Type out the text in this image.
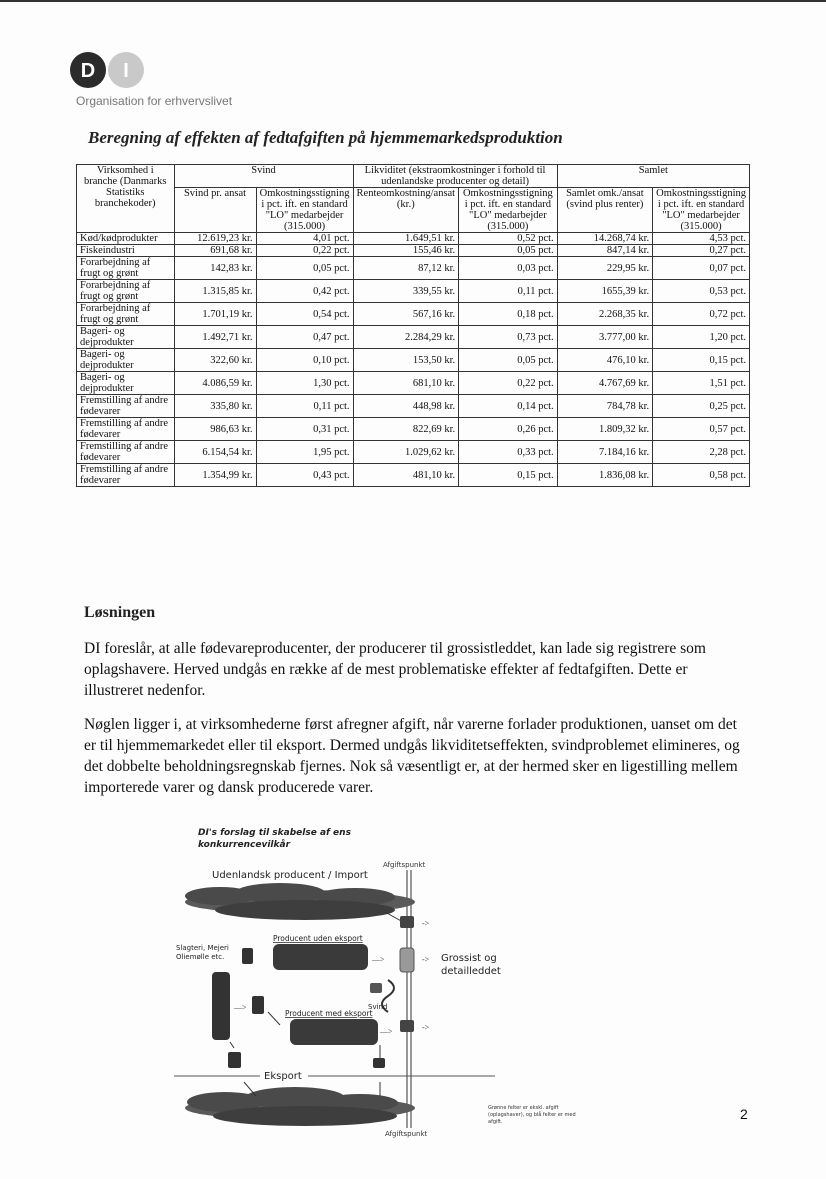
D I
Organisation for erhvervslivet
Beregning af effekten af fedtafgiften på hjemmemarkedsproduktion
Virksomhed i branche (Danmarks Statistiks branchekoder)	Svind		Likviditet (ekstraomkostninger i forhold til udenlandske producenter og detail)		Samlet	
	Svind pr. ansat	Omkostningsstigning i pct. ift. en standard "LO" medarbejder (315.000)	Renteomkostning/ansat (kr.)	Omkostningsstigning i pct. ift. en standard "LO" medarbejder (315.000)	Samlet omk./ansat (svind plus renter)	Omkostningsstigning i pct. ift. en standard "LO" medarbejder (315.000)
Kød/kødprodukter	12.619,23 kr.	4,01 pct.	1.649,51 kr.	0,52 pct.	14.268,74 kr.	4,53 pct.
Fiskeindustri	691,68 kr.	0,22 pct.	155,46 kr.	0,05 pct.	847,14 kr.	0,27 pct.
Forarbejdning af frugt og grønt	142,83 kr.	0,05 pct.	87,12 kr.	0,03 pct.	229,95 kr.	0,07 pct.
Forarbejdning af frugt og grønt	1.315,85 kr.	0,42 pct.	339,55 kr.	0,11 pct.	1655,39 kr.	0,53 pct.
Forarbejdning af frugt og grønt	1.701,19 kr.	0,54 pct.	567,16 kr.	0,18 pct.	2.268,35 kr.	0,72 pct.
Bageri- og dejprodukter	1.492,71 kr.	0,47 pct.	2.284,29 kr.	0,73 pct.	3.777,00 kr.	1,20 pct.
Bageri- og dejprodukter	322,60 kr.	0,10 pct.	153,50 kr.	0,05 pct.	476,10 kr.	0,15 pct.
Bageri- og dejprodukter	4.086,59 kr.	1,30 pct.	681,10 kr.	0,22 pct.	4.767,69 kr.	1,51 pct.
Fremstilling af andre fødevarer	335,80 kr.	0,11 pct.	448,98 kr.	0,14 pct.	784,78 kr.	0,25 pct.
Fremstilling af andre fødevarer	986,63 kr.	0,31 pct.	822,69 kr.	0,26 pct.	1.809,32 kr.	0,57 pct.
Fremstilling af andre fødevarer	6.154,54 kr.	1,95 pct.	1.029,62 kr.	0,33 pct.	7.184,16 kr.	2,28 pct.
Fremstilling af andre fødevarer	1.354,99 kr.	0,43 pct.	481,10 kr.	0,15 pct.	1.836,08 kr.	0,58 pct.
Løsningen

DI foreslår, at alle fødevareproducenter, der producerer til grossistleddet, kan lade sig registrere som oplagshavere. Herved undgås en række af de mest problematiske effekter af fedtafgiften. Dette er illustreret nedenfor.

Nøglen ligger i, at virksomhederne først afregner afgift, når varerne forlader produktionen, uanset om det er til hjemmemarkedet eller til eksport. Dermed undgås likviditetseffekten, svindproblemet elimineres, og det dobbelte beholdningsregnskab fjernes. Nok så væsentligt er, at der hermed sker en ligestilling mellem importerede varer og dansk producerede varer.

DI's forslag til skabelse af ens
konkurrencevilkår
Afgiftspunkt
Udenlandsk producent / Import
->
Slagteri, Mejeri
Oliemølle etc.
Producent uden eksport
—>	-> Grossist og
detailleddet
Svind
—>
Producent med eksport
—>	->
Eksport
Afgiftspunkt
Grønne felter er ekskl. afgift
(oplagshaver), og blå felter er med
afgift.	2
